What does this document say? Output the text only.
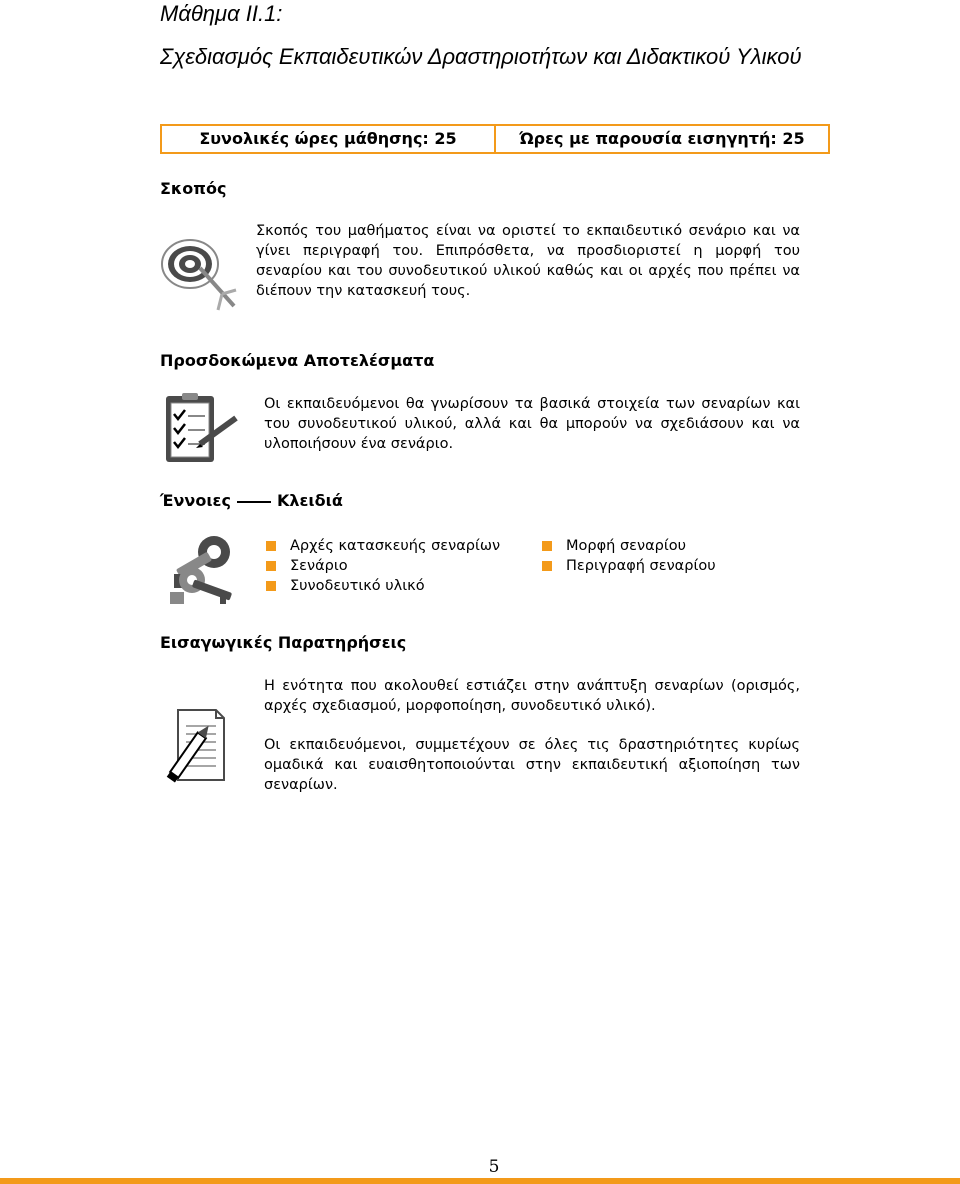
Μάθημα ΙΙ.1:
Σχεδιασμός Εκπαιδευτικών Δραστηριοτήτων και Διδακτικού Υλικού
Συνολικές ώρες μάθησης: 25	Ώρες με παρουσία εισηγητή: 25
Σκοπός

Σκοπός του μαθήματος είναι να οριστεί το εκπαιδευτικό σενάριο και να γίνει περιγραφή του. Επιπρόσθετα, να προσδιοριστεί η μορφή του σεναρίου και του συνοδευτικού υλικού καθώς και οι αρχές που πρέπει να διέπουν την κατασκευή τους.

Προσδοκώμενα Αποτελέσματα

Οι εκπαιδευόμενοι θα γνωρίσουν τα βασικά στοιχεία των σεναρίων και του συνοδευτικού υλικού, αλλά και θα μπορούν να σχεδιάσουν και να υλοποιήσουν ένα σενάριο.

Έννοιες	Κλειδιά
Αρχές κατασκευής σεναρίων
Σενάριο
Συνοδευτικό υλικό
Μορφή σεναρίου
Περιγραφή σεναρίου
Εισαγωγικές Παρατηρήσεις

Η ενότητα που ακολουθεί εστιάζει στην ανάπτυξη σεναρίων (ορισμός, αρχές σχεδιασμού, μορφοποίηση, συνοδευτικό υλικό).

Οι εκπαιδευόμενοι, συμμετέχουν σε όλες τις δραστηριότητες κυρίως ομαδικά και ευαισθητοποιούνται στην εκπαιδευτική αξιοποίηση των σεναρίων.

5
